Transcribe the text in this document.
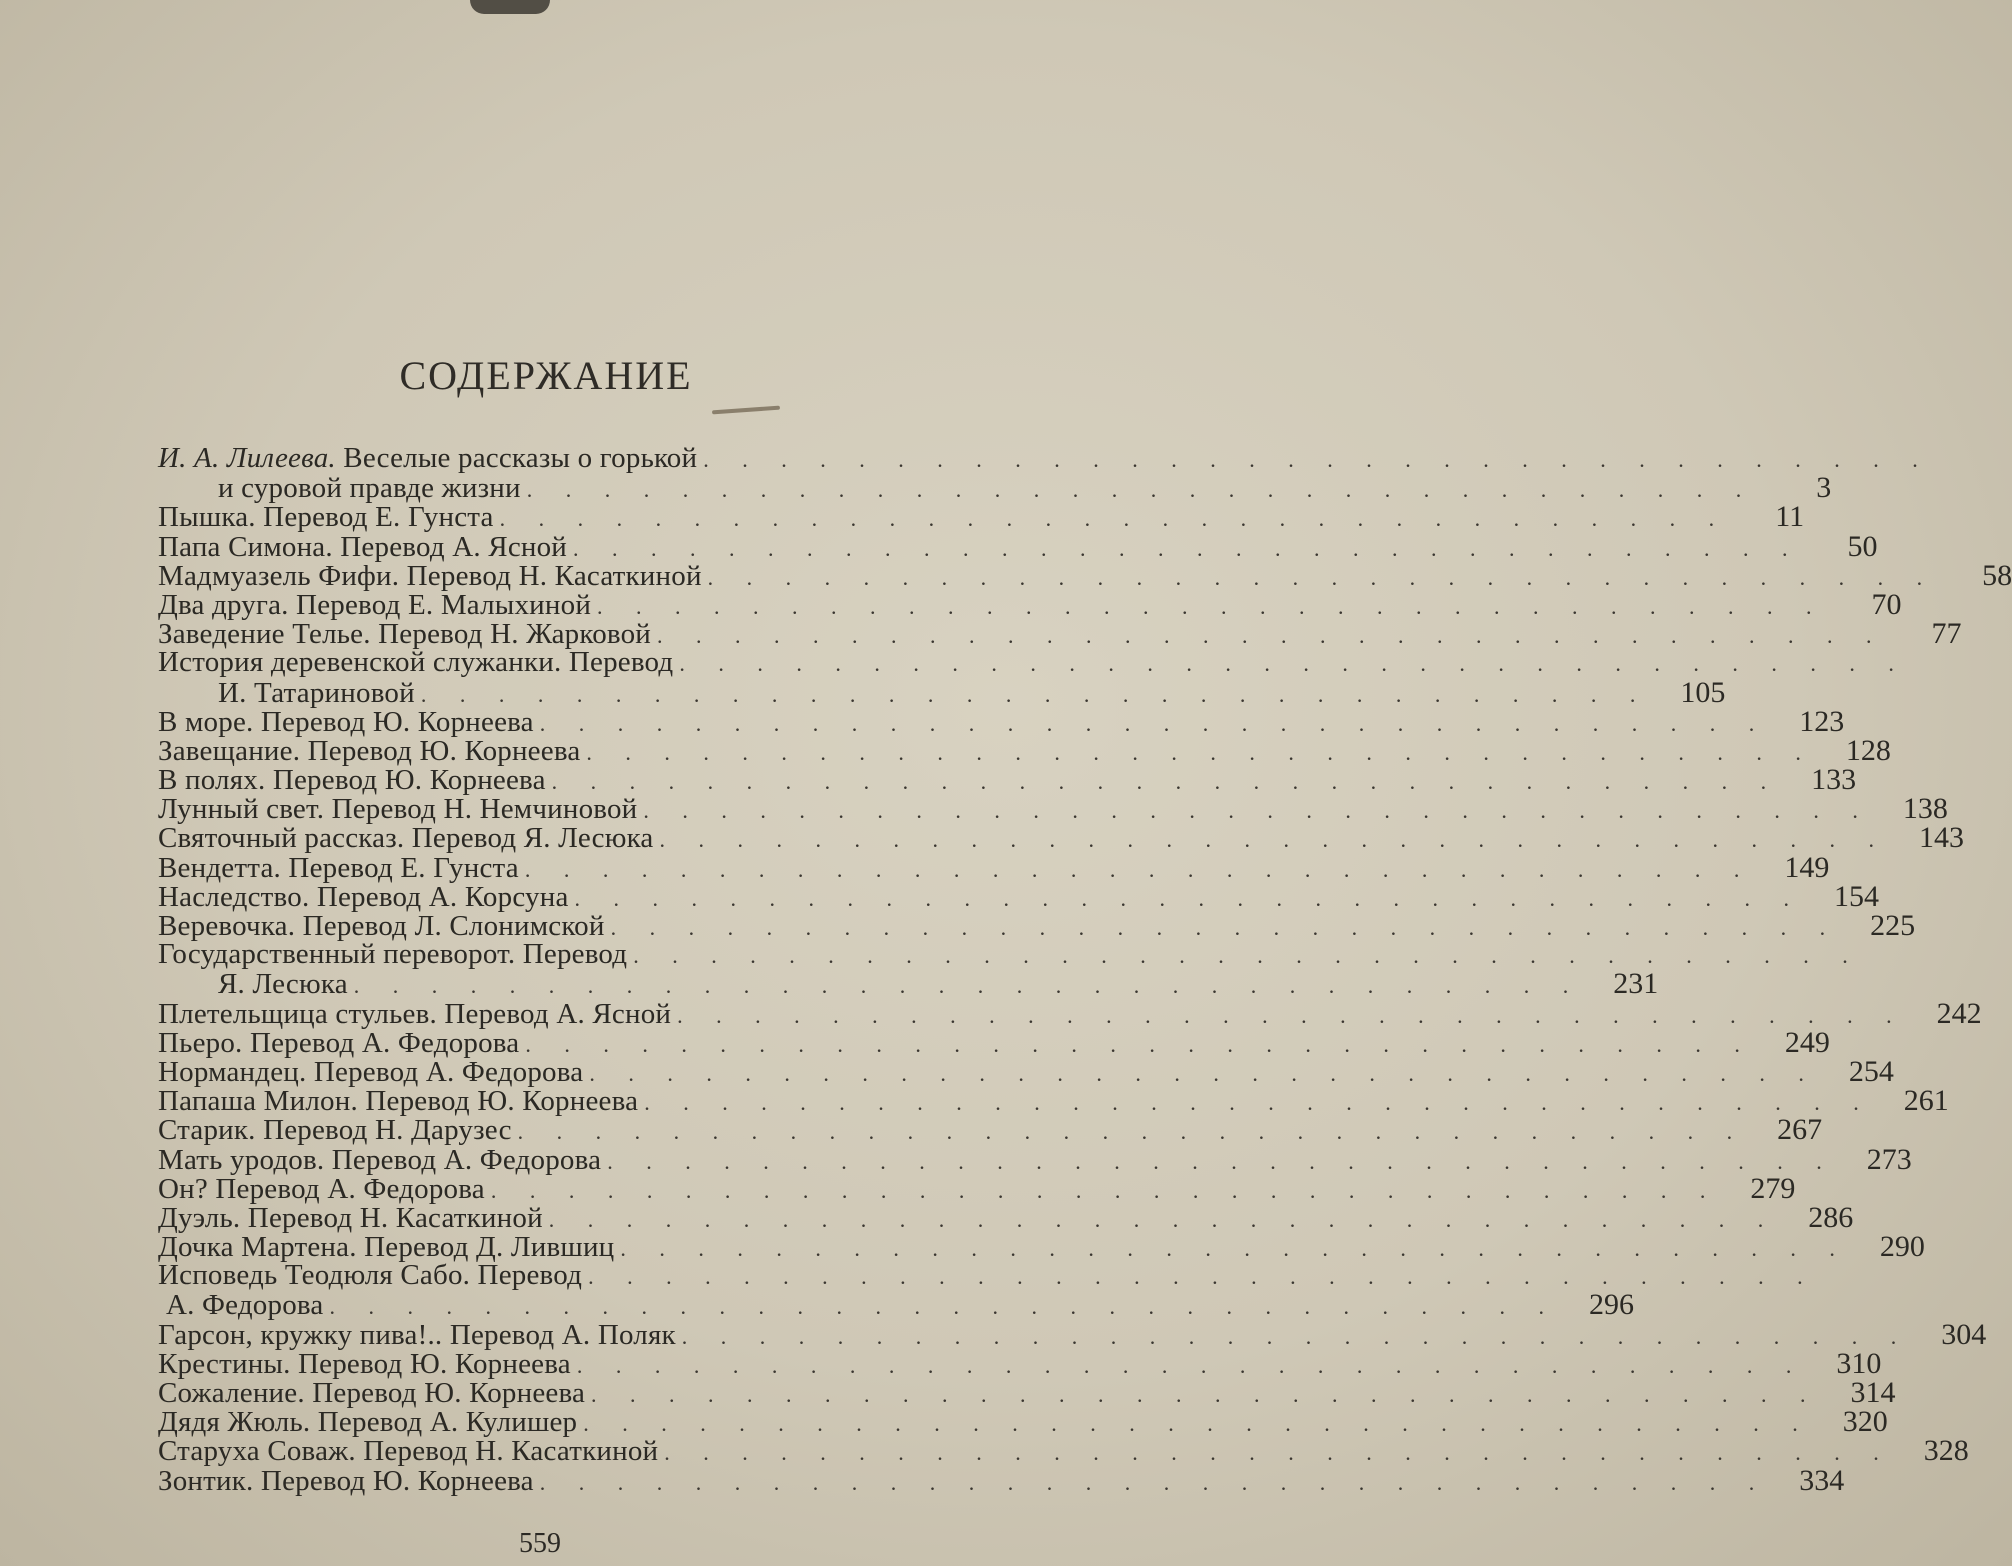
СОДЕРЖАНИЕ
И. А. Лилеева. Веселые рассказы о горькой . . . . . . . . . . . . . . . . . . . . . . . . . . . . . . . .
и суровой правде жизни . . . . . . . . . . . . . . . . . . . . . . . . . . . . . . . .	3
Пышка. Перевод Е. Гунста . . . . . . . . . . . . . . . . . . . . . . . . . . . . . . . .	11
Папа Симона. Перевод А. Ясной . . . . . . . . . . . . . . . . . . . . . . . . . . . . . . . .	50
Мадмуазель Фифи. Перевод Н. Касаткиной . . . . . . . . . . . . . . . . . . . . . . . . . . . . . . . .	58
Два друга. Перевод Е. Малыхиной . . . . . . . . . . . . . . . . . . . . . . . . . . . . . . . .	70
Заведение Телье. Перевод Н. Жарковой . . . . . . . . . . . . . . . . . . . . . . . . . . . . . . . .	77
История деревенской служанки. Перевод . . . . . . . . . . . . . . . . . . . . . . . . . . . . . . . .
И. Татариновой . . . . . . . . . . . . . . . . . . . . . . . . . . . . . . . .	105
В море. Перевод Ю. Корнеева . . . . . . . . . . . . . . . . . . . . . . . . . . . . . . . .	123
Завещание. Перевод Ю. Корнеева . . . . . . . . . . . . . . . . . . . . . . . . . . . . . . . .	128
В полях. Перевод Ю. Корнеева . . . . . . . . . . . . . . . . . . . . . . . . . . . . . . . .	133
Лунный свет. Перевод Н. Немчиновой . . . . . . . . . . . . . . . . . . . . . . . . . . . . . . . .	138
Святочный рассказ. Перевод Я. Лесюка . . . . . . . . . . . . . . . . . . . . . . . . . . . . . . . .	143
Вендетта. Перевод Е. Гунста . . . . . . . . . . . . . . . . . . . . . . . . . . . . . . . .	149
Наследство. Перевод А. Корсуна . . . . . . . . . . . . . . . . . . . . . . . . . . . . . . . .	154
Веревочка. Перевод Л. Слонимской . . . . . . . . . . . . . . . . . . . . . . . . . . . . . . . .	225
Государственный переворот. Перевод . . . . . . . . . . . . . . . . . . . . . . . . . . . . . . . .
Я. Лесюка . . . . . . . . . . . . . . . . . . . . . . . . . . . . . . . .	231
Плетельщица стульев. Перевод А. Ясной . . . . . . . . . . . . . . . . . . . . . . . . . . . . . . . .	242
Пьеро. Перевод А. Федорова . . . . . . . . . . . . . . . . . . . . . . . . . . . . . . . .	249
Нормандец. Перевод А. Федорова . . . . . . . . . . . . . . . . . . . . . . . . . . . . . . . .	254
Папаша Милон. Перевод Ю. Корнеева . . . . . . . . . . . . . . . . . . . . . . . . . . . . . . . .	261
Старик. Перевод Н. Дарузес . . . . . . . . . . . . . . . . . . . . . . . . . . . . . . . .	267
Мать уродов. Перевод А. Федорова . . . . . . . . . . . . . . . . . . . . . . . . . . . . . . . .	273
Он? Перевод А. Федорова . . . . . . . . . . . . . . . . . . . . . . . . . . . . . . . .	279
Дуэль. Перевод Н. Касаткиной . . . . . . . . . . . . . . . . . . . . . . . . . . . . . . . .	286
Дочка Мартена. Перевод Д. Лившиц . . . . . . . . . . . . . . . . . . . . . . . . . . . . . . . .	290
Исповедь Теодюля Сабо. Перевод . . . . . . . . . . . . . . . . . . . . . . . . . . . . . . . .
А. Федорова . . . . . . . . . . . . . . . . . . . . . . . . . . . . . . . .	296
Гарсон, кружку пива!.. Перевод А. Поляк . . . . . . . . . . . . . . . . . . . . . . . . . . . . . . . .	304
Крестины. Перевод Ю. Корнеева . . . . . . . . . . . . . . . . . . . . . . . . . . . . . . . .	310
Сожаление. Перевод Ю. Корнеева . . . . . . . . . . . . . . . . . . . . . . . . . . . . . . . .	314
Дядя Жюль. Перевод А. Кулишер . . . . . . . . . . . . . . . . . . . . . . . . . . . . . . . .	320
Старуха Соваж. Перевод Н. Касаткиной . . . . . . . . . . . . . . . . . . . . . . . . . . . . . . . .	328
Зонтик. Перевод Ю. Корнеева . . . . . . . . . . . . . . . . . . . . . . . . . . . . . . . .	334
559
